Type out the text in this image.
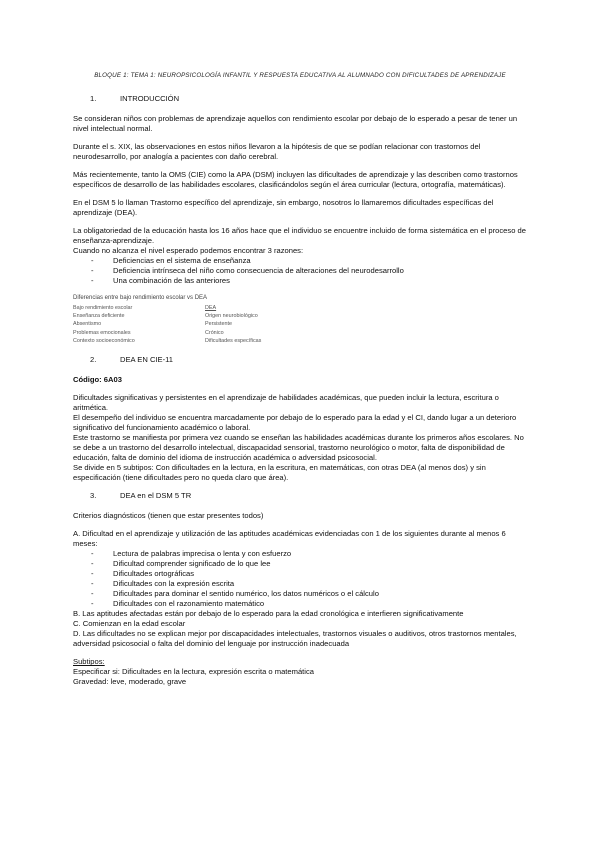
BLOQUE 1: TEMA 1: NEUROPSICOLOGÍA INFANTIL Y RESPUESTA EDUCATIVA AL ALUMNADO CON DIFICULTADES DE APRENDIZAJE
1.	INTRODUCCIÓN

Se consideran niños con problemas de aprendizaje aquellos con rendimiento escolar por debajo de lo esperado a pesar de tener un nivel intelectual normal.

Durante el s. XIX, las observaciones en estos niños llevaron a la hipótesis de que se podían relacionar con trastornos del neurodesarrollo, por analogía a pacientes con daño cerebral.

Más recientemente, tanto la OMS (CIE) como la APA (DSM) incluyen las dificultades de aprendizaje y las describen como trastornos específicos de desarrollo de las habilidades escolares, clasificándolos según el área curricular (lectura, ortografía, matemáticas).

En el DSM 5 lo llaman Trastorno específico del aprendizaje, sin embargo, nosotros lo llamaremos dificultades específicas del aprendizaje (DEA).

La obligatoriedad de la educación hasta los 16 años hace que el individuo se encuentre incluido de forma sistemática en el proceso de enseñanza-aprendizaje.

Cuando no alcanza el nivel esperado podemos encontrar 3 razones:

-	Deficiencias en el sistema de enseñanza
-	Deficiencia intrínseca del niño como consecuencia de alteraciones del neurodesarrollo
-	Una combinación de las anteriores
Diferencias entre bajo rendimiento escolar vs DEA
Bajo rendimiento escolar	DEA
Enseñanza deficiente	Origen neurobiológico
Absentismo	Persistente
Problemas emocionales	Crónico
Contexto socioeconómico	Dificultades específicas
2.	DEA EN CIE-11

Código: 6A03

Dificultades significativas y persistentes en el aprendizaje de habilidades académicas, que pueden incluir la lectura, escritura o aritmética.

El desempeño del individuo se encuentra marcadamente por debajo de lo esperado para la edad y el CI, dando lugar a un deterioro significativo del funcionamiento académico o laboral.

Este trastorno se manifiesta por primera vez cuando se enseñan las habilidades académicas durante los primeros años escolares. No se debe a un trastorno del desarrollo intelectual, discapacidad sensorial, trastorno neurológico o motor, falta de disponibilidad de educación, falta de dominio del idioma de instrucción académica o adversidad psicosocial.

Se divide en 5 subtipos: Con dificultades en la lectura, en la escritura, en matemáticas, con otras DEA (al menos dos) y sin especificación (tiene dificultades pero no queda claro que área).

3.	DEA en el DSM 5 TR

Criterios diagnósticos (tienen que estar presentes todos)

A. Dificultad en el aprendizaje y utilización de las aptitudes académicas evidenciadas con 1 de los siguientes durante al menos 6 meses:

-	Lectura de palabras imprecisa o lenta y con esfuerzo
-	Dificultad comprender significado de lo que lee
-	Dificultades ortográficas
-	Dificultades con la expresión escrita
-	Dificultades para dominar el sentido numérico, los datos numéricos o el cálculo
-	Dificultades con el razonamiento matemático

B. Las aptitudes afectadas están por debajo de lo esperado para la edad cronológica e interfieren significativamente

C. Comienzan en la edad escolar

D. Las dificultades no se explican mejor por discapacidades intelectuales, trastornos visuales o auditivos, otros trastornos mentales, adversidad psicosocial o falta del dominio del lenguaje por instrucción inadecuada

Subtipos:

Especificar si: Dificultades en la lectura, expresión escrita o matemática

Gravedad: leve, moderado, grave
